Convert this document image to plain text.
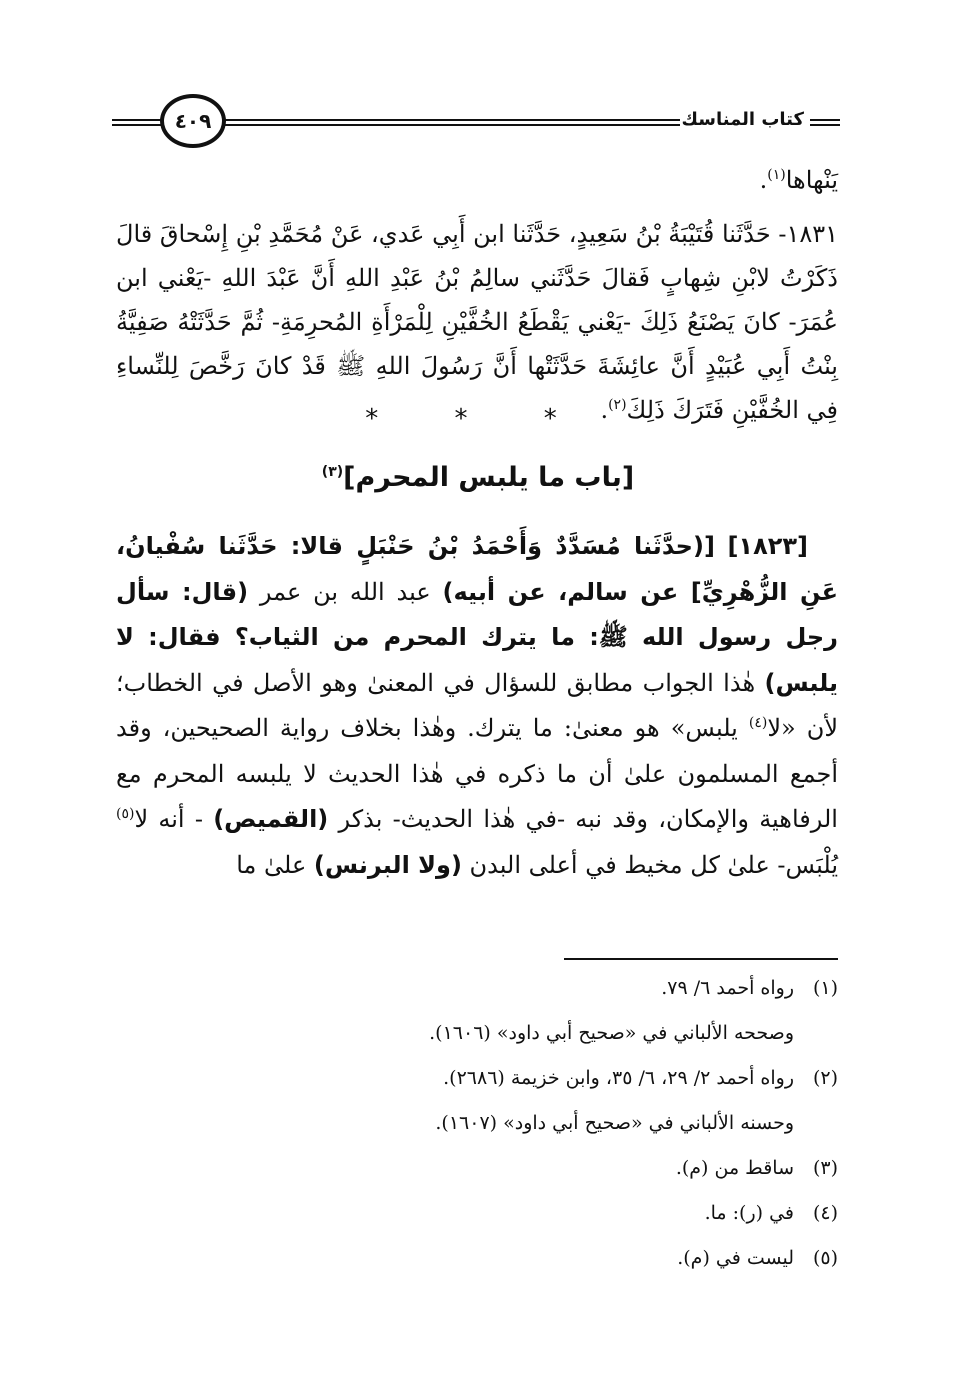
كتاب المناسك
٤٠٩
يَنْهاها$^{(١)}$.
١٨٣١- حَدَّثَنا قُتَيْبَةُ بْنُ سَعِيدٍ، حَدَّثَنا ابن أَبِي عَدي، عَنْ مُحَمَّدِ بْنِ إِسْحاقَ قالَ ذَكَرْتُ لابْنِ شِهابٍ فَقالَ حَدَّثَني سالِمُ بْنُ عَبْدِ اللهِ أَنَّ عَبْدَ اللهِ -يَعْني ابن عُمَرَ- كانَ يَصْنَعُ ذَلِكَ -يَعْني يَقْطَعُ الخُفَّيْنِ لِلْمَرْأَةِ المُحرِمَةِ- ثُمَّ حَدَّثَتْهُ صَفِيَّةُ بِنْتُ أَبِي عُبَيْدٍ أَنَّ عائِشَةَ حَدَّثَتْها أَنَّ رَسُولَ اللهِ ﷺ قَدْ كانَ رَخَّصَ لِلنِّساءِ فِي الخُفَّيْنِ فَتَرَكَ ذَلِكَ$^{(٢)}$.
* * *
[باب ما يلبس المحرم]$^{(٣)}$
[١٨٢٣] [(حدَّثَنا مُسَدَّدٌ وَأَحْمَدُ بْنُ حَنْبَلٍ قالا: حَدَّثَنا سُفْيانُ، عَنِ الزُّهْرِيِّ] عن سالم، عن أبيه) عبد الله بن عمر (قال: سأل رجل رسول الله ﷺ: ما يترك المحرم من الثياب؟ فقال: لا يلبس) هٰذا الجواب مطابق للسؤال في المعنىٰ وهو الأصل في الخطاب؛ لأن «لا$^{(٤)}$ يلبس» هو معنىٰ: ما يترك. وهٰذا بخلاف رواية الصحيحين، وقد أجمع المسلمون علىٰ أن ما ذكره في هٰذا الحديث لا يلبسه المحرم مع الرفاهية والإمكان، وقد نبه -في هٰذا الحديث- بذكر (القميص) - أنه لا$^{(٥)}$ يُلْبَس- علىٰ كل مخيط في أعلى البدن (ولا البرنس) علىٰ ما
(١)رواه أحمد ٦/ ٧٩.
وصححه الألباني في «صحيح أبي داود» (١٦٠٦).
(٢)رواه أحمد ٢/ ٢٩، ٦/ ٣٥، وابن خزيمة (٢٦٨٦).
وحسنه الألباني في «صحيح أبي داود» (١٦٠٧).
(٣)ساقط من (م).
(٤)في (ر): ما.
(٥)ليست في (م).
